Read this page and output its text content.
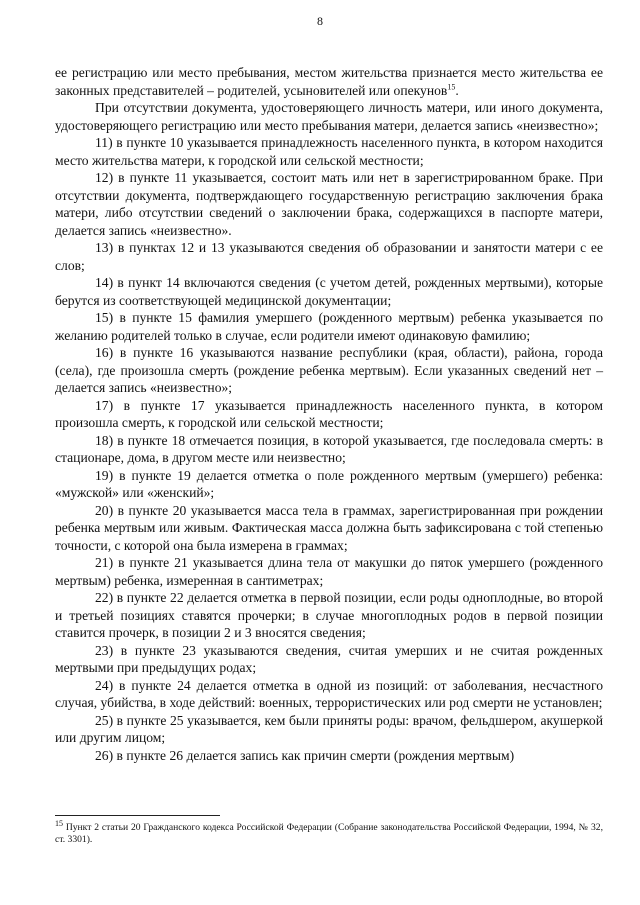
8

ее регистрацию или место пребывания, местом жительства признается место жительства ее законных представителей – родителей, усыновителей или опекунов$^{15}$.

При отсутствии документа, удостоверяющего личность матери, или иного документа, удостоверяющего регистрацию или место пребывания матери, делается запись «неизвестно»;

11) в пункте 10 указывается принадлежность населенного пункта, в котором находится место жительства матери, к городской или сельской местности;

12) в пункте 11 указывается, состоит мать или нет в зарегистрированном браке. При отсутствии документа, подтверждающего государственную регистрацию заключения брака матери, либо отсутствии сведений о заключении брака, содержащихся в паспорте матери, делается запись «неизвестно».

13) в пунктах 12 и 13 указываются сведения об образовании и занятости матери с ее слов;

14) в пункт 14 включаются сведения (с учетом детей, рожденных мертвыми), которые берутся из соответствующей медицинской документации;

15) в пункте 15 фамилия умершего (рожденного мертвым) ребенка указывается по желанию родителей только в случае, если родители имеют одинаковую фамилию;

16) в пункте 16 указываются название республики (края, области), района, города (села), где произошла смерть (рождение ребенка мертвым). Если указанных сведений нет – делается запись «неизвестно»;

17) в пункте 17 указывается принадлежность населенного пункта, в котором произошла смерть, к городской или сельской местности;

18) в пункте 18 отмечается позиция, в которой указывается, где последовала смерть: в стационаре, дома, в другом месте или неизвестно;

19) в пункте 19 делается отметка о поле рожденного мертвым (умершего) ребенка: «мужской» или «женский»;

20) в пункте 20 указывается масса тела в граммах, зарегистрированная при рождении ребенка мертвым или живым. Фактическая масса должна быть зафиксирована с той степенью точности, с которой она была измерена в граммах;

21) в пункте 21 указывается длина тела от макушки до пяток умершего (рожденного мертвым) ребенка, измеренная в сантиметрах;

22) в пункте 22 делается отметка в первой позиции, если роды одноплодные, во второй и третьей позициях ставятся прочерки; в случае многоплодных родов в первой позиции ставится прочерк, в позиции 2 и 3 вносятся сведения;

23) в пункте 23 указываются сведения, считая умерших и не считая рожденных мертвыми при предыдущих родах;

24) в пункте 24 делается отметка в одной из позиций: от заболевания, несчастного случая, убийства, в ходе действий: военных, террористических или род смерти не установлен;

25) в пункте 25 указывается, кем были приняты роды: врачом, фельдшером, акушеркой или другим лицом;

26) в пункте 26 делается запись как причин смерти (рождения мертвым)

$^{15}$ Пункт 2 статьи 20 Гражданского кодекса Российской Федерации (Собрание законодательства Российской Федерации, 1994, № 32, ст. 3301).
